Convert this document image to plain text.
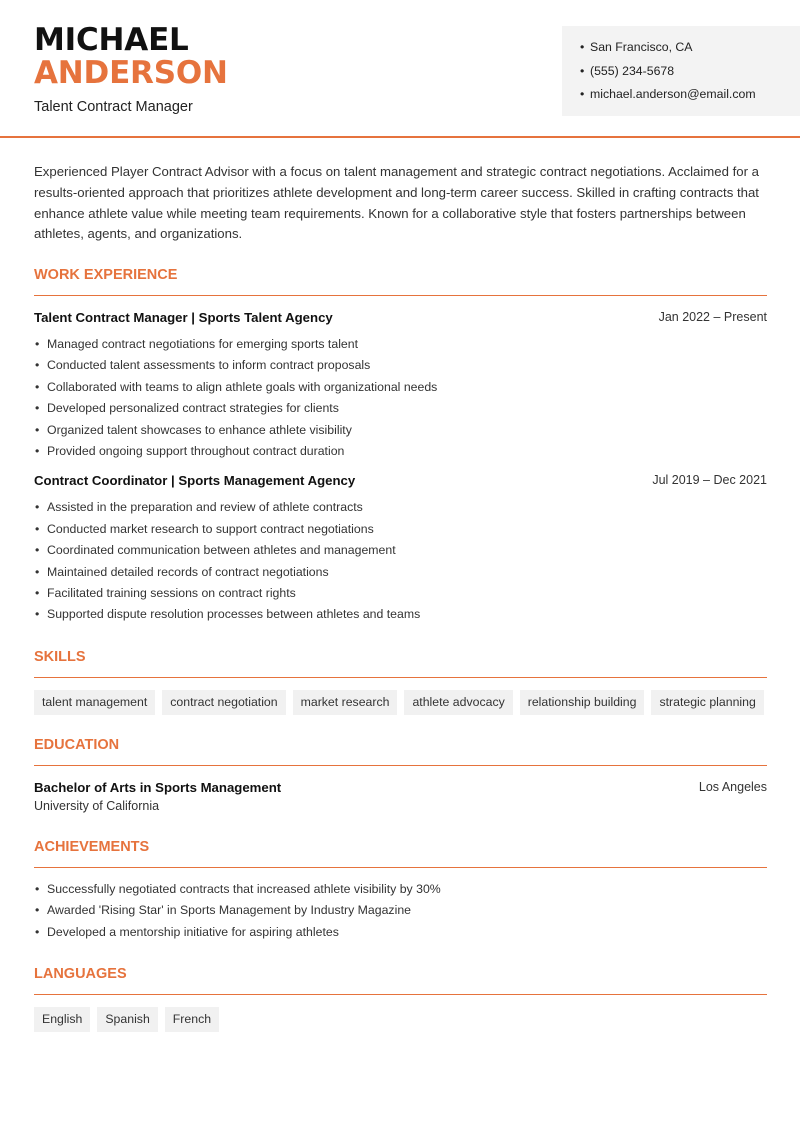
MICHAEL
ANDERSON
Talent Contract Manager
• San Francisco, CA
• (555) 234-5678
• michael.anderson@email.com
Experienced Player Contract Advisor with a focus on talent management and strategic contract negotiations. Acclaimed for a results-oriented approach that prioritizes athlete development and long-term career success. Skilled in crafting contracts that enhance athlete value while meeting team requirements. Known for a collaborative style that fosters partnerships between athletes, agents, and organizations.
WORK EXPERIENCE
Talent Contract Manager | Sports Talent Agency	Jan 2022 – Present
• Managed contract negotiations for emerging sports talent
• Conducted talent assessments to inform contract proposals
• Collaborated with teams to align athlete goals with organizational needs
• Developed personalized contract strategies for clients
• Organized talent showcases to enhance athlete visibility
• Provided ongoing support throughout contract duration
Contract Coordinator | Sports Management Agency	Jul 2019 – Dec 2021
• Assisted in the preparation and review of athlete contracts
• Conducted market research to support contract negotiations
• Coordinated communication between athletes and management
• Maintained detailed records of contract negotiations
• Facilitated training sessions on contract rights
• Supported dispute resolution processes between athletes and teams
SKILLS
talent management	contract negotiation	market research	athlete advocacy	relationship building	strategic planning
EDUCATION
Bachelor of Arts in Sports Management	Los Angeles
University of California
ACHIEVEMENTS
• Successfully negotiated contracts that increased athlete visibility by 30%
• Awarded 'Rising Star' in Sports Management by Industry Magazine
• Developed a mentorship initiative for aspiring athletes
LANGUAGES
English	Spanish	French
